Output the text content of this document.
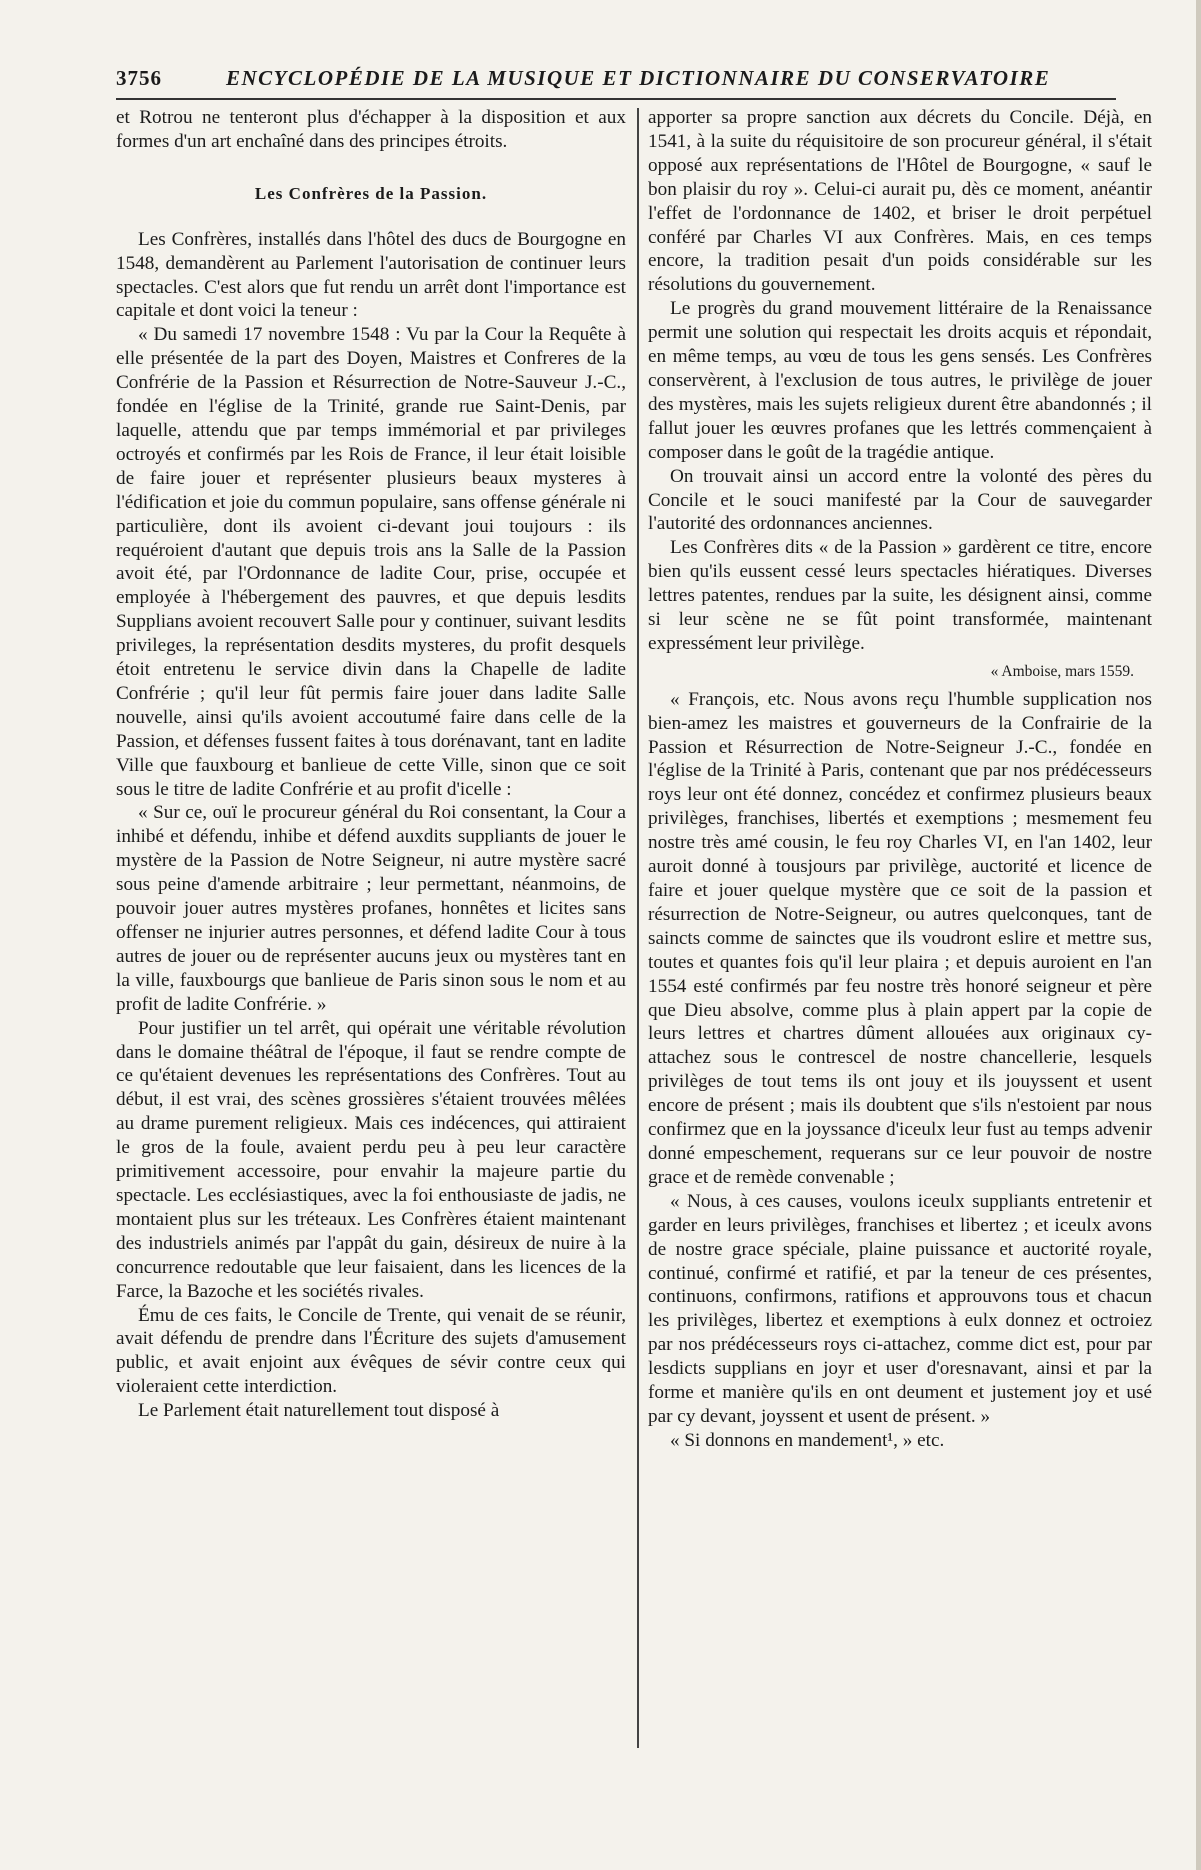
3756	ENCYCLOPÉDIE DE LA MUSIQUE ET DICTIONNAIRE DU CONSERVATOIRE

et Rotrou ne tenteront plus d'échapper à la disposition et aux formes d'un art enchaîné dans des principes étroits.

Les Confrères de la Passion.

Les Confrères, installés dans l'hôtel des ducs de Bourgogne en 1548, demandèrent au Parlement l'autorisation de continuer leurs spectacles. C'est alors que fut rendu un arrêt dont l'importance est capitale et dont voici la teneur :

« Du samedi 17 novembre 1548 : Vu par la Cour la Requête à elle présentée de la part des Doyen, Maistres et Confreres de la Confrérie de la Passion et Résurrection de Notre-Sauveur J.-C., fondée en l'église de la Trinité, grande rue Saint-Denis, par laquelle, attendu que par temps immémorial et par privileges octroyés et confirmés par les Rois de France, il leur était loisible de faire jouer et représenter plusieurs beaux mysteres à l'édification et joie du commun populaire, sans offense générale ni particulière, dont ils avoient ci-devant joui toujours : ils requéroient d'autant que depuis trois ans la Salle de la Passion avoit été, par l'Ordonnance de ladite Cour, prise, occupée et employée à l'hébergement des pauvres, et que depuis lesdits Supplians avoient recouvert Salle pour y continuer, suivant lesdits privileges, la représentation desdits mysteres, du profit desquels étoit entretenu le service divin dans la Chapelle de ladite Confrérie ; qu'il leur fût permis faire jouer dans ladite Salle nouvelle, ainsi qu'ils avoient accoutumé faire dans celle de la Passion, et défenses fussent faites à tous dorénavant, tant en ladite Ville que fauxbourg et banlieue de cette Ville, sinon que ce soit sous le titre de ladite Confrérie et au profit d'icelle :

« Sur ce, ouï le procureur général du Roi consentant, la Cour a inhibé et défendu, inhibe et défend auxdits suppliants de jouer le mystère de la Passion de Notre Seigneur, ni autre mystère sacré sous peine d'amende arbitraire ; leur permettant, néanmoins, de pouvoir jouer autres mystères profanes, honnêtes et licites sans offenser ne injurier autres personnes, et défend ladite Cour à tous autres de jouer ou de représenter aucuns jeux ou mystères tant en la ville, fauxbourgs que banlieue de Paris sinon sous le nom et au profit de ladite Confrérie. »

Pour justifier un tel arrêt, qui opérait une véritable révolution dans le domaine théâtral de l'époque, il faut se rendre compte de ce qu'étaient devenues les représentations des Confrères. Tout au début, il est vrai, des scènes grossières s'étaient trouvées mêlées au drame purement religieux. Mais ces indécences, qui attiraient le gros de la foule, avaient perdu peu à peu leur caractère primitivement accessoire, pour envahir la majeure partie du spectacle. Les ecclésiastiques, avec la foi enthousiaste de jadis, ne montaient plus sur les tréteaux. Les Confrères étaient maintenant des industriels animés par l'appât du gain, désireux de nuire à la concurrence redoutable que leur faisaient, dans les licences de la Farce, la Bazoche et les sociétés rivales.

Ému de ces faits, le Concile de Trente, qui venait de se réunir, avait défendu de prendre dans l'Écriture des sujets d'amusement public, et avait enjoint aux évêques de sévir contre ceux qui violeraient cette interdiction.

Le Parlement était naturellement tout disposé à

apporter sa propre sanction aux décrets du Concile. Déjà, en 1541, à la suite du réquisitoire de son procureur général, il s'était opposé aux représentations de l'Hôtel de Bourgogne, « sauf le bon plaisir du roy ». Celui-ci aurait pu, dès ce moment, anéantir l'effet de l'ordonnance de 1402, et briser le droit perpétuel conféré par Charles VI aux Confrères. Mais, en ces temps encore, la tradition pesait d'un poids considérable sur les résolutions du gouvernement.

Le progrès du grand mouvement littéraire de la Renaissance permit une solution qui respectait les droits acquis et répondait, en même temps, au vœu de tous les gens sensés. Les Confrères conservèrent, à l'exclusion de tous autres, le privilège de jouer des mystères, mais les sujets religieux durent être abandonnés ; il fallut jouer les œuvres profanes que les lettrés commençaient à composer dans le goût de la tragédie antique.

On trouvait ainsi un accord entre la volonté des pères du Concile et le souci manifesté par la Cour de sauvegarder l'autorité des ordonnances anciennes.

Les Confrères dits « de la Passion » gardèrent ce titre, encore bien qu'ils eussent cessé leurs spectacles hiératiques. Diverses lettres patentes, rendues par la suite, les désignent ainsi, comme si leur scène ne se fût point transformée, maintenant expressément leur privilège.

« Amboise, mars 1559.

« François, etc. Nous avons reçu l'humble supplication nos bien-amez les maistres et gouverneurs de la Confrairie de la Passion et Résurrection de Notre-Seigneur J.-C., fondée en l'église de la Trinité à Paris, contenant que par nos prédécesseurs roys leur ont été donnez, concédez et confirmez plusieurs beaux privilèges, franchises, libertés et exemptions ; mesmement feu nostre très amé cousin, le feu roy Charles VI, en l'an 1402, leur auroit donné à tousjours par privilège, auctorité et licence de faire et jouer quelque mystère que ce soit de la passion et résurrection de Notre-Seigneur, ou autres quelconques, tant de saincts comme de sainctes que ils voudront eslire et mettre sus, toutes et quantes fois qu'il leur plaira ; et depuis auroient en l'an 1554 esté confirmés par feu nostre très honoré seigneur et père que Dieu absolve, comme plus à plain appert par la copie de leurs lettres et chartres dûment allouées aux originaux cy-attachez sous le contrescel de nostre chancellerie, lesquels privilèges de tout tems ils ont jouy et ils jouyssent et usent encore de présent ; mais ils doubtent que s'ils n'estoient par nous confirmez que en la joyssance d'iceulx leur fust au temps advenir donné empeschement, requerans sur ce leur pouvoir de nostre grace et de remède convenable ;

« Nous, à ces causes, voulons iceulx suppliants entretenir et garder en leurs privilèges, franchises et libertez ; et iceulx avons de nostre grace spéciale, plaine puissance et auctorité royale, continué, confirmé et ratifié, et par la teneur de ces présentes, continuons, confirmons, ratifions et approuvons tous et chacun les privilèges, libertez et exemptions à eulx donnez et octroiez par nos prédécesseurs roys ci-attachez, comme dict est, pour par lesdicts supplians en joyr et user d'oresnavant, ainsi et par la forme et manière qu'ils en ont deument et justement joy et usé par cy devant, joyssent et usent de présent. »

« Si donnons en mandement¹, » etc.
